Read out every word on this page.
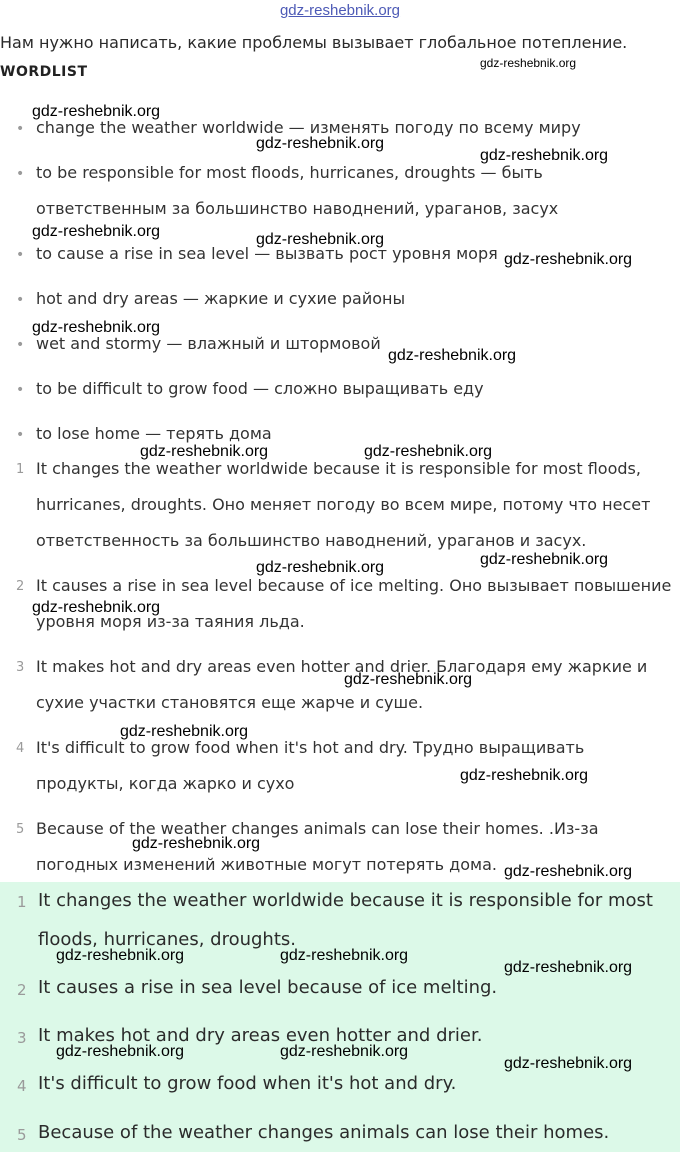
gdz-reshebnik.org
Нам нужно написать, какие проблемы вызывает глобальное потепление.
WORDLIST
• change the weather worldwide — изменять погоду по всему миру
• to be responsible for most floods, hurricanes, droughts — быть
ответственным за большинство наводнений, ураганов, засух
• to cause a rise in sea level — вызвать рост уровня моря
• hot and dry areas — жаркие и сухие районы
• wet and stormy — влажный и штормовой
• to be difficult to grow food — сложно выращивать еду
• to lose home — терять дома
1 It changes the weather worldwide because it is responsible for most floods,
hurricanes, droughts. Оно меняет погоду во всем мире, потому что несет
ответственность за большинство наводнений, ураганов и засух.
2 It causes a rise in sea level because of ice melting. Оно вызывает повышение
уровня моря из-за таяния льда.
3 It makes hot and dry areas even hotter and drier. Благодаря ему жаркие и
сухие участки становятся еще жарче и суше.
4 It's difficult to grow food when it's hot and dry. Трудно выращивать
продукты, когда жарко и сухо
5 Because of the weather changes animals can lose their homes. .Из-за
погодных изменений животные могут потерять дома.
1 It changes the weather worldwide because it is responsible for most
floods, hurricanes, droughts.
2 It causes a rise in sea level because of ice melting.
3 It makes hot and dry areas even hotter and drier.
4 It's difficult to grow food when it's hot and dry.
5 Because of the weather changes animals can lose their homes.
gdz-reshebnik.org
gdz-reshebnik.org
gdz-reshebnik.org
gdz-reshebnik.org
gdz-reshebnik.org	gdz-reshebnik.org
gdz-reshebnik.org
gdz-reshebnik.org
gdz-reshebnik.org
gdz-reshebnik.org	gdz-reshebnik.org
gdz-reshebnik.org
gdz-reshebnik.org
gdz-reshebnik.org
gdz-reshebnik.org
gdz-reshebnik.org
gdz-reshebnik.org
gdz-reshebnik.org
gdz-reshebnik.org
gdz-reshebnik.org	gdz-reshebnik.org
gdz-reshebnik.org
gdz-reshebnik.org	gdz-reshebnik.org
gdz-reshebnik.org
